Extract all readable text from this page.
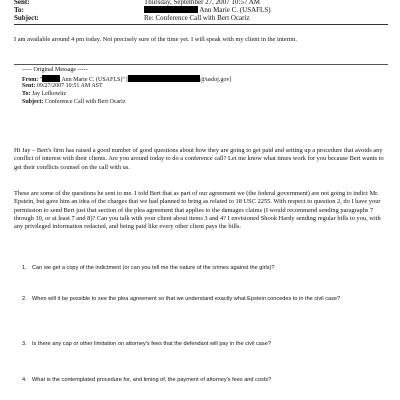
Sent:	Thursday, September 27, 2007 10:57 AM
To:	Ann Marie C. (USAFLS)
Subject:	Re: Conference Call with Bert Ocariz
I am available around 4 pm today. Not precisely sure of the time yet. I will speak with my client in the interim.
----- Original Message -----
From: "	Ann Marie C. (USAFLS)" [	@usdoj.gov]
Sent: 09/27/2007 10:51 AM AST
To: Jay Lefkowitz
Subject: Conference Call with Bert Ocariz
Hi Jay – Bert's firm has raised a good number of good questions about how they are going to get paid and setting up a procedure that avoids any conflict of interest with their clients. Are you around today to do a conference call? Let me know what times work for you because Bert wants to get their conflicts counsel on the call with us.
These are some of the questions he sent to me. I told Bert that as part of our agreement we (the federal government) are not going to indict Mr. Epstein, but gave him an idea of the charges that we had planned to bring as related to 18 USC 2255. With respect to question 2, do I have your permission to send Bert just that section of the plea agreement that applies to the damages claims (I would recommend sending paragraphs 7 through 10, or at least 7 and 8)? Can you talk with your client about items 3 and 4? I envisioned Shook Hardy sending regular bills to you, with any privileged information redacted, and being paid like every other client pays the bills.
1. Can we get a copy of the indictment (or can you tell me the nature of the crimes against the girls)?
2. When will it be possible to see the plea agreement so that we understand exactly what Epstein concedes to in the civil case?
3. Is there any cap or other limitation on attorney's fees that the defendant will pay in the civil case?
4. What is the contemplated procedure for, and timing of, the payment of attorney's fees and costs?
